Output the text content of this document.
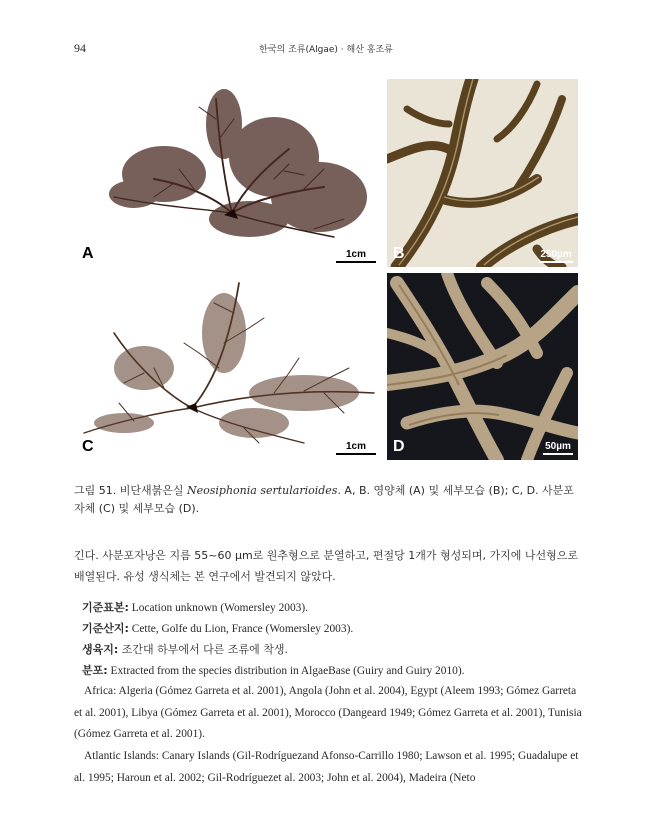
94	한국의 조류(Algae) · 해산 홍조류
A	1cm	B	250µm
C	1cm	D	50µm
그림 51. 비단새붉은실 Neosiphonia sertularioides. A, B. 영양체 (A) 및 세부모습 (B); C, D. 사분포자체 (C) 및 세부모습 (D).
긴다. 사분포자낭은 지름 55~60 μm로 원추형으로 분열하고, 편절당 1개가 형성되며, 가지에 나선형으로
배열된다. 유성 생식체는 본 연구에서 발견되지 않았다.
기준표본: Location unknown (Womersley 2003).
기준산지: Cette, Golfe du Lion, France (Womersley 2003).
생육지: 조간대 하부에서 다른 조류에 착생.
분포: Extracted from the species distribution in AlgaeBase (Guiry and Guiry 2010).
Africa: Algeria (Gómez Garreta et al. 2001), Angola (John et al. 2004), Egypt (Aleem 1993; Gómez Garreta et al. 2001), Libya (Gómez Garreta et al. 2001), Morocco (Dangeard 1949; Gómez Garreta et al. 2001), Tunisia (Gómez Garreta et al. 2001).
Atlantic Islands: Canary Islands (Gil-Rodríguezand Afonso-Carrillo 1980; Lawson et al. 1995; Guadalupe et al. 1995; Haroun et al. 2002; Gil-Rodríguezet al. 2003; John et al. 2004), Madeira (Neto
